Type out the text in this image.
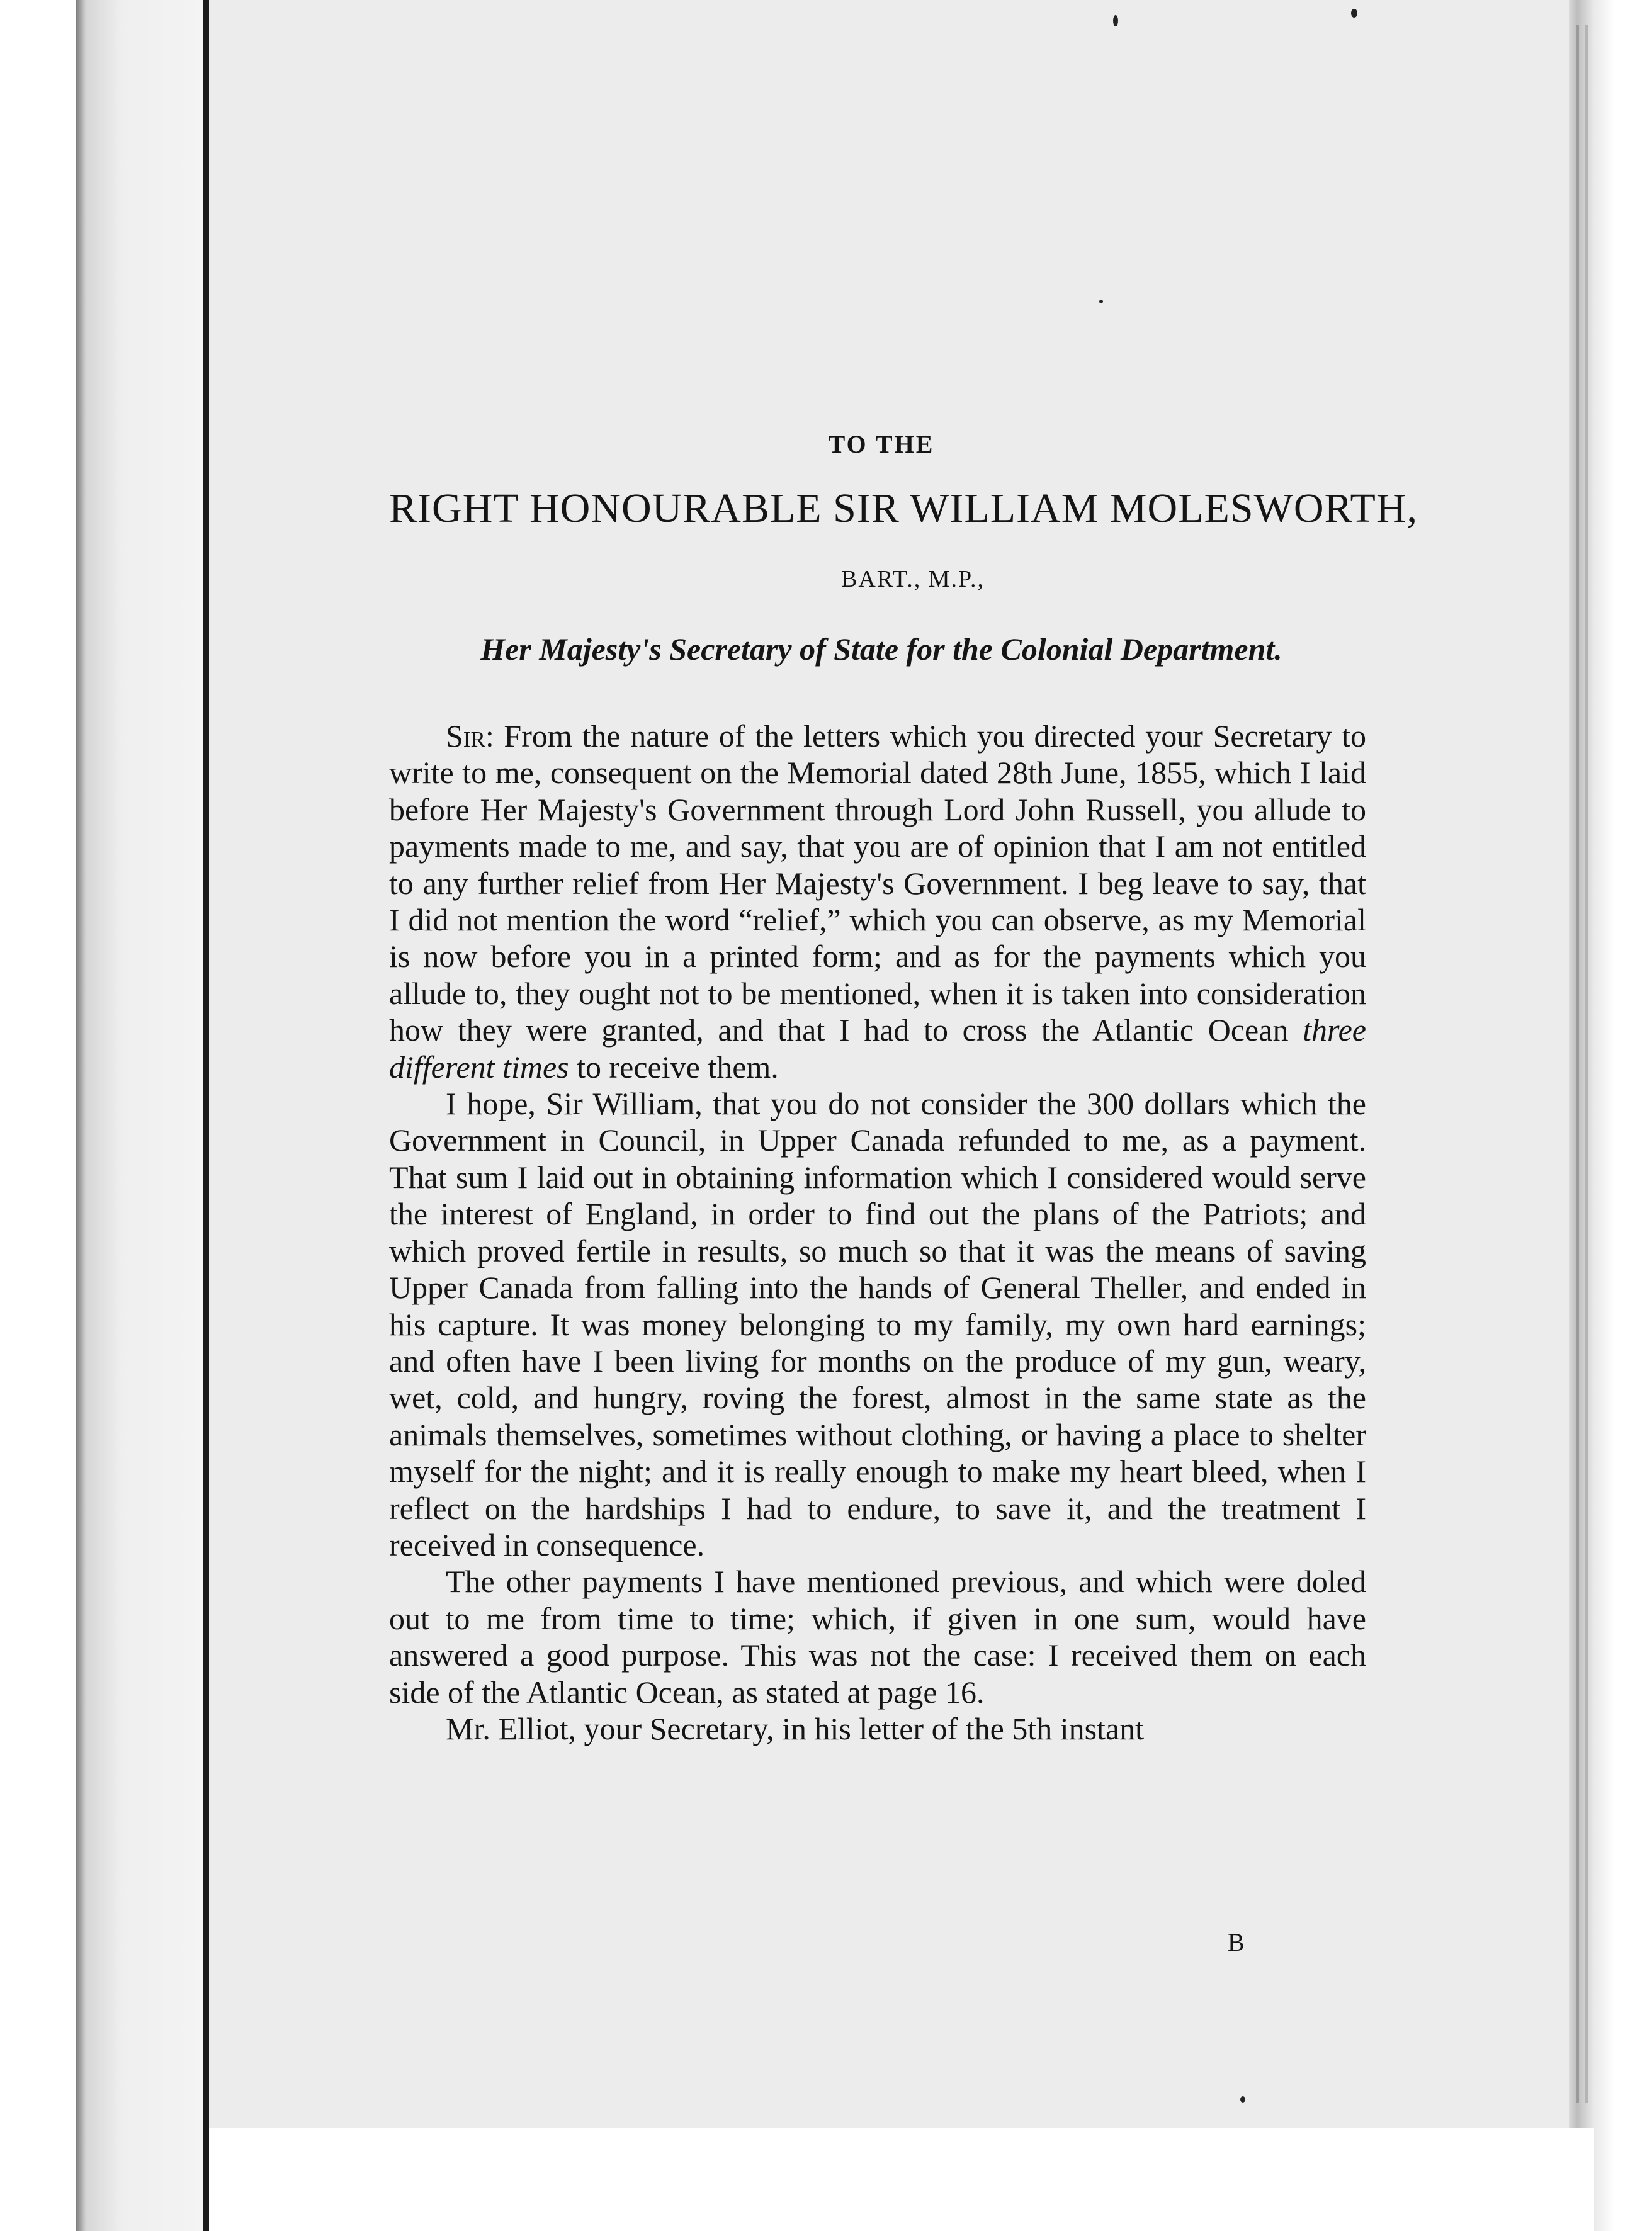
TO THE
RIGHT HONOURABLE SIR WILLIAM MOLESWORTH,
BART., M.P.,
Her Majesty's Secretary of State for the Colonial Department.

Sir: From the nature of the letters which you directed your Secretary to write to me, consequent on the Memorial dated 28th June, 1855, which I laid before Her Majesty's Government through Lord John Russell, you allude to payments made to me, and say, that you are of opinion that I am not entitled to any further relief from Her Majesty's Government. I beg leave to say, that I did not mention the word “relief,” which you can observe, as my Memorial is now before you in a printed form; and as for the payments which you allude to, they ought not to be mentioned, when it is taken into consideration how they were granted, and that I had to cross the Atlantic Ocean three different times to receive them.

I hope, Sir William, that you do not consider the 300 dollars which the Government in Council, in Upper Canada refunded to me, as a payment. That sum I laid out in obtaining information which I considered would serve the interest of England, in order to find out the plans of the Patriots; and which proved fertile in results, so much so that it was the means of saving Upper Canada from falling into the hands of General Theller, and ended in his capture. It was money belonging to my family, my own hard earnings; and often have I been living for months on the produce of my gun, weary, wet, cold, and hungry, roving the forest, almost in the same state as the animals themselves, sometimes without clothing, or having a place to shelter myself for the night; and it is really enough to make my heart bleed, when I reflect on the hardships I had to endure, to save it, and the treatment I received in consequence.

The other payments I have mentioned previous, and which were doled out to me from time to time; which, if given in one sum, would have answered a good purpose. This was not the case: I received them on each side of the Atlantic Ocean, as stated at page 16.

Mr. Elliot, your Secretary, in his letter of the 5th instant

B
